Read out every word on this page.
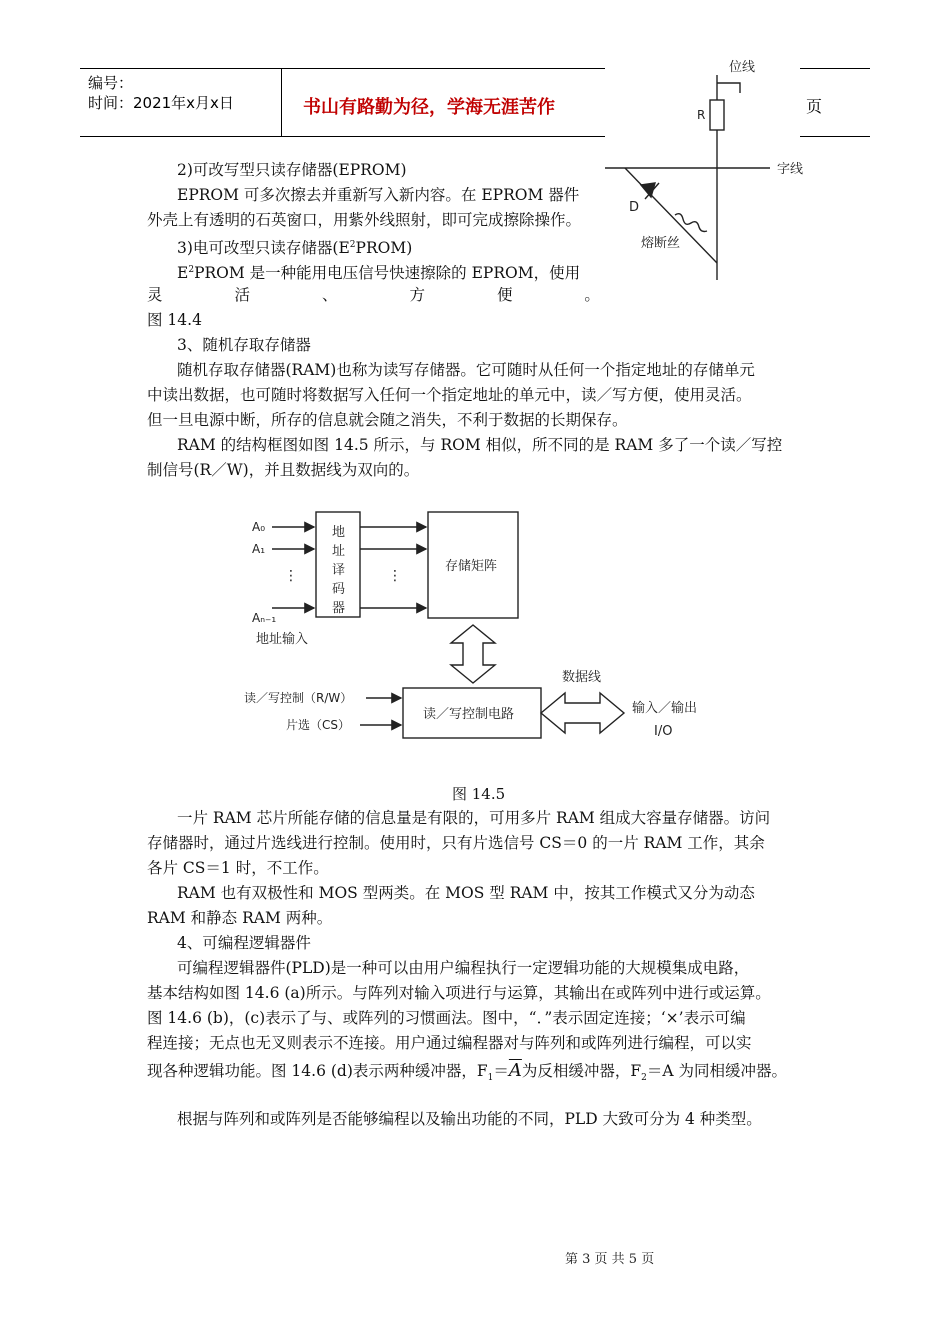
编号：
时间：2021年x月x日	书山有路勤为径，学海无涯苦作	页
位线
字线
R
D
熔断丝
2)可改写型只读存储器(EPROM)
EPROM 可多次擦去并重新写入新内容。在 EPROM 器件
外壳上有透明的石英窗口，用紫外线照射，即可完成擦除操作。
3)电可改型只读存储器$(E^2PROM)$
$E^2PROM$ 是一种能用电压信号快速擦除的 EPROM，使用
灵	活	、	方	便	。
图 14.4
3、随机存取存储器
随机存取存储器(RAM)也称为读写存储器。它可随时从任何一个指定地址的存储单元
中读出数据，也可随时将数据写入任何一个指定地址的单元中，读／写方便，使用灵活。
但一旦电源中断，所存的信息就会随之消失，不利于数据的长期保存。
RAM 的结构框图如图 14.5 所示，与 ROM 相似，所不同的是 RAM 多了一个读／写控
制信号(R／W)，并且数据线为双向的。
A₀
A₁
⋮	⋮
Aₙ₋₁
地址输入
地
址
译
码
器
存储矩阵
读／写控制（R/W）
片选（CS）
读／写控制电路
数据线
输入／输出
I/O
图 14.5
一片 RAM 芯片所能存储的信息量是有限的，可用多片 RAM 组成大容量存储器。访问
存储器时，通过片选线进行控制。使用时，只有片选信号 CS＝0 的一片 RAM 工作，其余
各片 CS＝1 时，不工作。
RAM 也有双极性和 MOS 型两类。在 MOS 型 RAM 中，按其工作模式又分为动态
RAM 和静态 RAM 两种。
4、可编程逻辑器件
可编程逻辑器件(PLD)是一种可以由用户编程执行一定逻辑功能的大规模集成电路，
基本结构如图 14.6 (a)所示。与阵列对输入项进行与运算，其输出在或阵列中进行或运算。
图 14.6 (b)，(c)表示了与、或阵列的习惯画法。图中，“．”表示固定连接；‘×’表示可编
程连接；无点也无叉则表示不连接。用户通过编程器对与阵列和或阵列进行编程，可以实
现各种逻辑功能。图 14.6 (d)表示两种缓冲器，$F_1=\overline{A}$为反相缓冲器，$F_2=A$ 为同相缓冲器。
根据与阵列和或阵列是否能够编程以及输出功能的不同，PLD 大致可分为 4 种类型。
第 3 页 共 5 页
